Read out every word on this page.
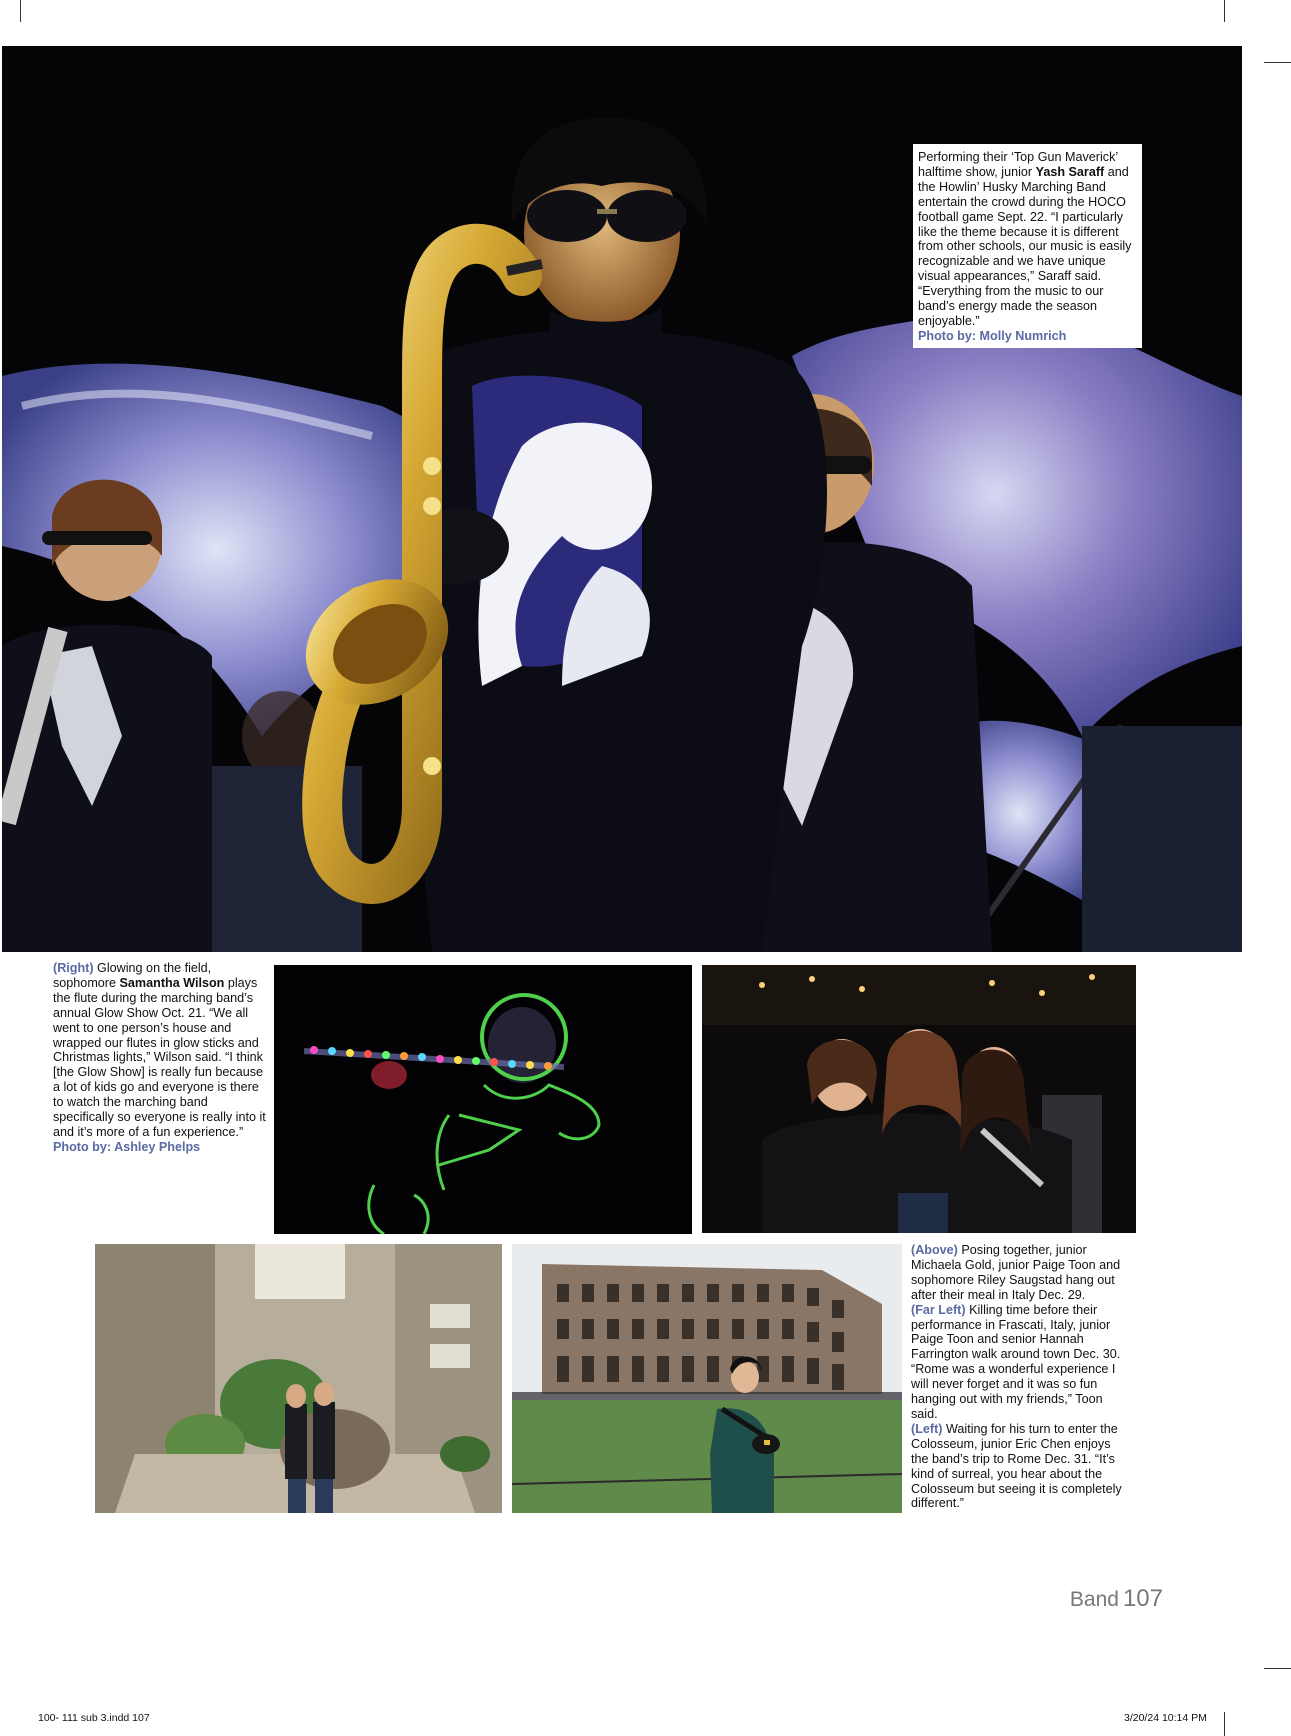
Performing their ‘Top Gun Maverick’ halftime show, junior Yash Saraff and the Howlin’ Husky Marching Band entertain the crowd during the HOCO football game Sept. 22. “I particularly like the theme because it is different from other schools, our music is easily recognizable and we have unique visual appearances,” Saraff said. “Everything from the music to our band’s energy made the season enjoyable.”
Photo by: Molly Numrich
(Right) Glowing on the field, sophomore Samantha Wilson plays the flute during the marching band’s annual Glow Show Oct. 21. “We all went to one person’s house and wrapped our flutes in glow sticks and Christmas lights,” Wilson said. “I think [the Glow Show] is really fun because a lot of kids go and everyone is there to watch the marching band specifically so everyone is really into it and it’s more of a fun experience.”
Photo by: Ashley Phelps
(Above) Posing together, junior Michaela Gold, junior Paige Toon and sophomore Riley Saugstad hang out after their meal in Italy Dec. 29.
(Far Left) Killing time before their performance in Frascati, Italy, junior Paige Toon and senior Hannah Farrington walk around town Dec. 30. “Rome was a wonderful experience I will never forget and it was so fun hanging out with my friends,” Toon said.
(Left) Waiting for his turn to enter the Colosseum, junior Eric Chen enjoys the band’s trip to Rome Dec. 31. “It’s kind of surreal, you hear about the Colosseum but seeing it is completely different.”
Band 107
100- 111 sub 3.indd 107	3/20/24 10:14 PM
